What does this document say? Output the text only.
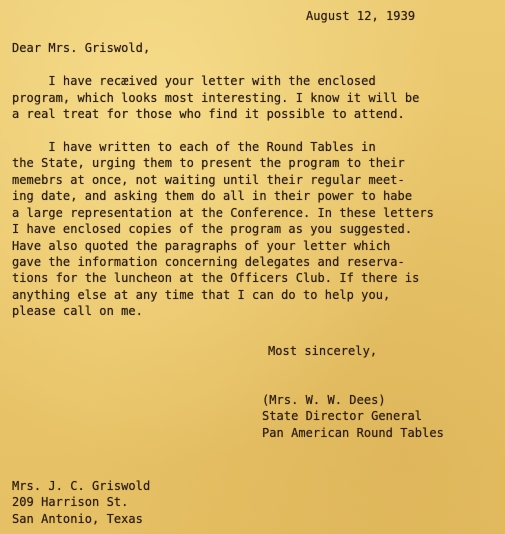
August 12, 1939
Dear Mrs. Griswold,
I have recæived your letter with the enclosed
program, which looks most interesting. I know it will be
a real treat for those who find it possible to attend.
I have written to each of the Round Tables in
the State, urging them to present the program to their
memebrs at once, not waiting until their regular meet-
ing date, and asking them do all in their power to habe
a large representation at the Conference. In these letters
I have enclosed copies of the program as you suggested.
Have also quoted the paragraphs of your letter which
gave the information concerning delegates and reserva-
tions for the luncheon at the Officers Club. If there is
anything else at any time that I can do to help you,
please call on me.
Most sincerely,
(Mrs. W. W. Dees)
State Director General
Pan American Round Tables
Mrs. J. C. Griswold
209 Harrison St.
San Antonio, Texas
